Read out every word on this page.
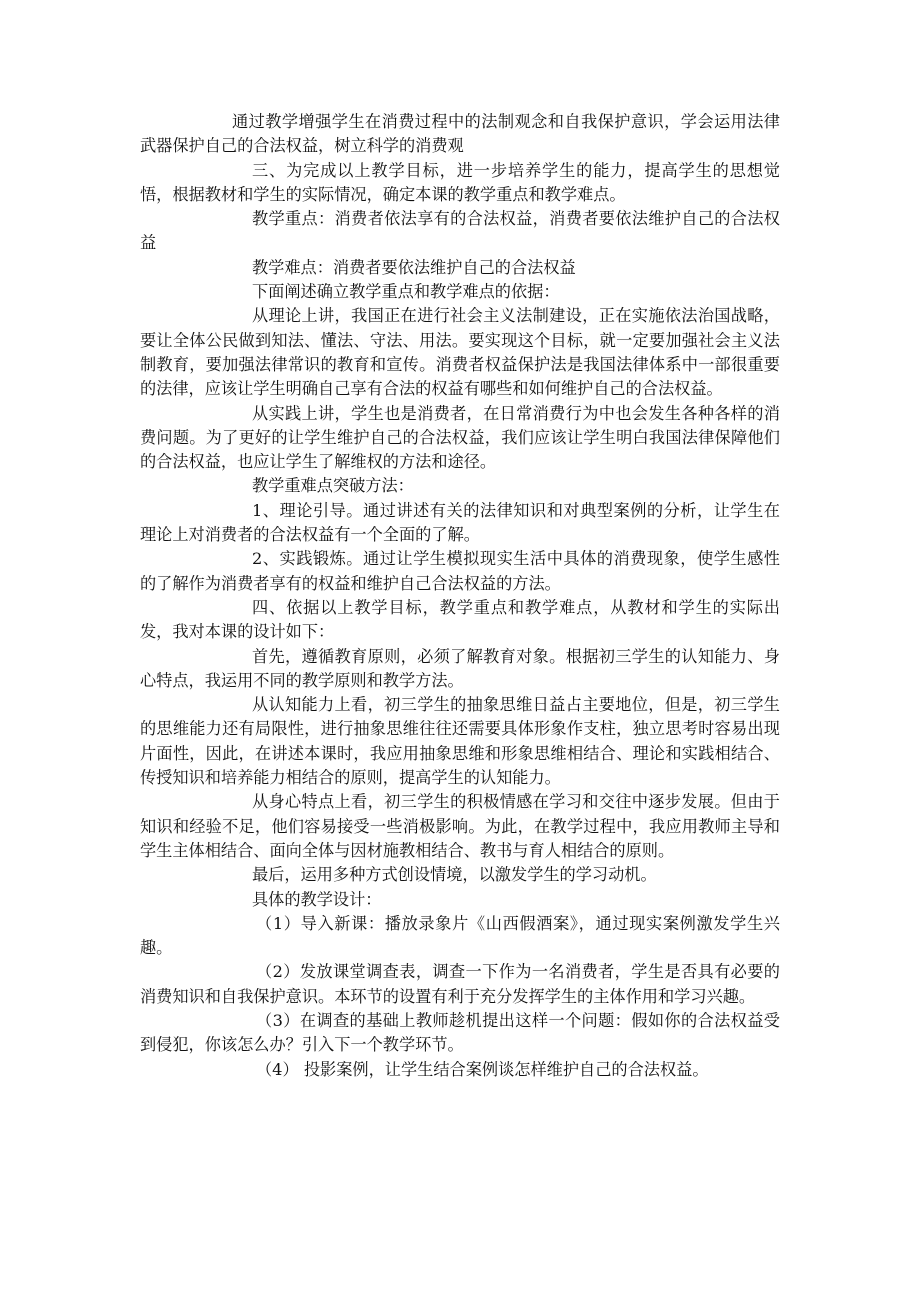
通过教学增强学生在消费过程中的法制观念和自我保护意识，学会运用法律武器保护自己的合法权益，树立科学的消费观

三、为完成以上教学目标，进一步培养学生的能力，提高学生的思想觉悟，根据教材和学生的实际情况，确定本课的教学重点和教学难点。

教学重点：消费者依法享有的合法权益，消费者要依法维护自己的合法权益

教学难点：消费者要依法维护自己的合法权益

下面阐述确立教学重点和教学难点的依据：

从理论上讲，我国正在进行社会主义法制建设，正在实施依法治国战略，要让全体公民做到知法、懂法、守法、用法。要实现这个目标，就一定要加强社会主义法制教育，要加强法律常识的教育和宣传。消费者权益保护法是我国法律体系中一部很重要的法律，应该让学生明确自己享有合法的权益有哪些和如何维护自己的合法权益。

从实践上讲，学生也是消费者，在日常消费行为中也会发生各种各样的消费问题。为了更好的让学生维护自己的合法权益，我们应该让学生明白我国法律保障他们的合法权益，也应让学生了解维权的方法和途径。

教学重难点突破方法：

1、理论引导。通过讲述有关的法律知识和对典型案例的分析，让学生在理论上对消费者的合法权益有一个全面的了解。

2、实践锻炼。通过让学生模拟现实生活中具体的消费现象，使学生感性的了解作为消费者享有的权益和维护自己合法权益的方法。

四、依据以上教学目标，教学重点和教学难点，从教材和学生的实际出发，我对本课的设计如下：

首先，遵循教育原则，必须了解教育对象。根据初三学生的认知能力、身心特点，我运用不同的教学原则和教学方法。

从认知能力上看，初三学生的抽象思维日益占主要地位，但是，初三学生的思维能力还有局限性，进行抽象思维往往还需要具体形象作支柱，独立思考时容易出现片面性，因此，在讲述本课时，我应用抽象思维和形象思维相结合、理论和实践相结合、传授知识和培养能力相结合的原则，提高学生的认知能力。

从身心特点上看，初三学生的积极情感在学习和交往中逐步发展。但由于知识和经验不足，他们容易接受一些消极影响。为此，在教学过程中，我应用教师主导和学生主体相结合、面向全体与因材施教相结合、教书与育人相结合的原则。

最后，运用多种方式创设情境，以激发学生的学习动机。

具体的教学设计：

（1）导入新课：播放录象片《山西假酒案》，通过现实案例激发学生兴趣。

（2）发放课堂调查表，调查一下作为一名消费者，学生是否具有必要的消费知识和自我保护意识。本环节的设置有利于充分发挥学生的主体作用和学习兴趣。

（3）在调查的基础上教师趁机提出这样一个问题：假如你的合法权益受到侵犯，你该怎么办？引入下一个教学环节。

（4） 投影案例，让学生结合案例谈怎样维护自己的合法权益。
